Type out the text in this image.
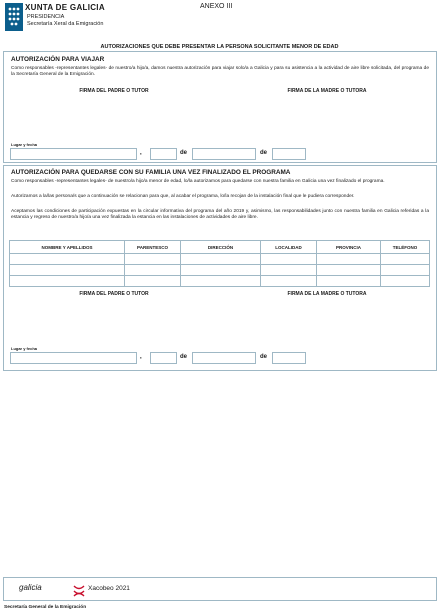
XUNTA DE GALICIA
PRESIDENCIA
Secretaría Xeral da Emigración
ANEXO III
AUTORIZACIONES QUE DEBE PRESENTAR LA PERSONA SOLICITANTE MENOR DE EDAD
AUTORIZACIÓN PARA VIAJAR
Como responsables -representantes legales- de nuestro/a hijo/a, damos nuestra autorización para viajar solo/a a Galicia y para su asistencia a la actividad de aire libre solicitada, del programa de la Secretaría General de la Emigración.
FIRMA DEL PADRE O TUTOR	FIRMA DE LA MADRE O TUTORA
Lugar y fecha
,	de	de
AUTORIZACIÓN PARA QUEDARSE CON SU FAMILIA UNA VEZ FINALIZADO EL PROGRAMA
Como responsables -representantes legales- de nuestro/a hijo/a menor de edad, lo/la autorizamos para quedarse con nuestra familia en Galicia una vez finalizado el programa.
Autorizamos a la/las persona/s que a continuación se relacionan para que, al acabar el programa, lo/la recojan de la instalación final que le pudiera corresponder.
Aceptamos las condiciones de participación expuestas en la circular informativa del programa del año 2019 y, asimismo, las responsabilidades junto con nuestra familia en Galicia referidas a la estancia y regreso de nuestro/a hijo/a una vez finalizada la estancia en las instalaciones de actividades de aire libre.
FIRMA DEL PADRE O TUTOR	FIRMA DE LA MADRE O TUTORA
Lugar y fecha
,	de	de
NOMBRE Y APELLIDOS	PARENTESCO	DIRECCIÓN	LOCALIDAD	PROVINCIA	TELÉFONO

galicia	Xacobeo 2021
Secretaría General de la Emigración
